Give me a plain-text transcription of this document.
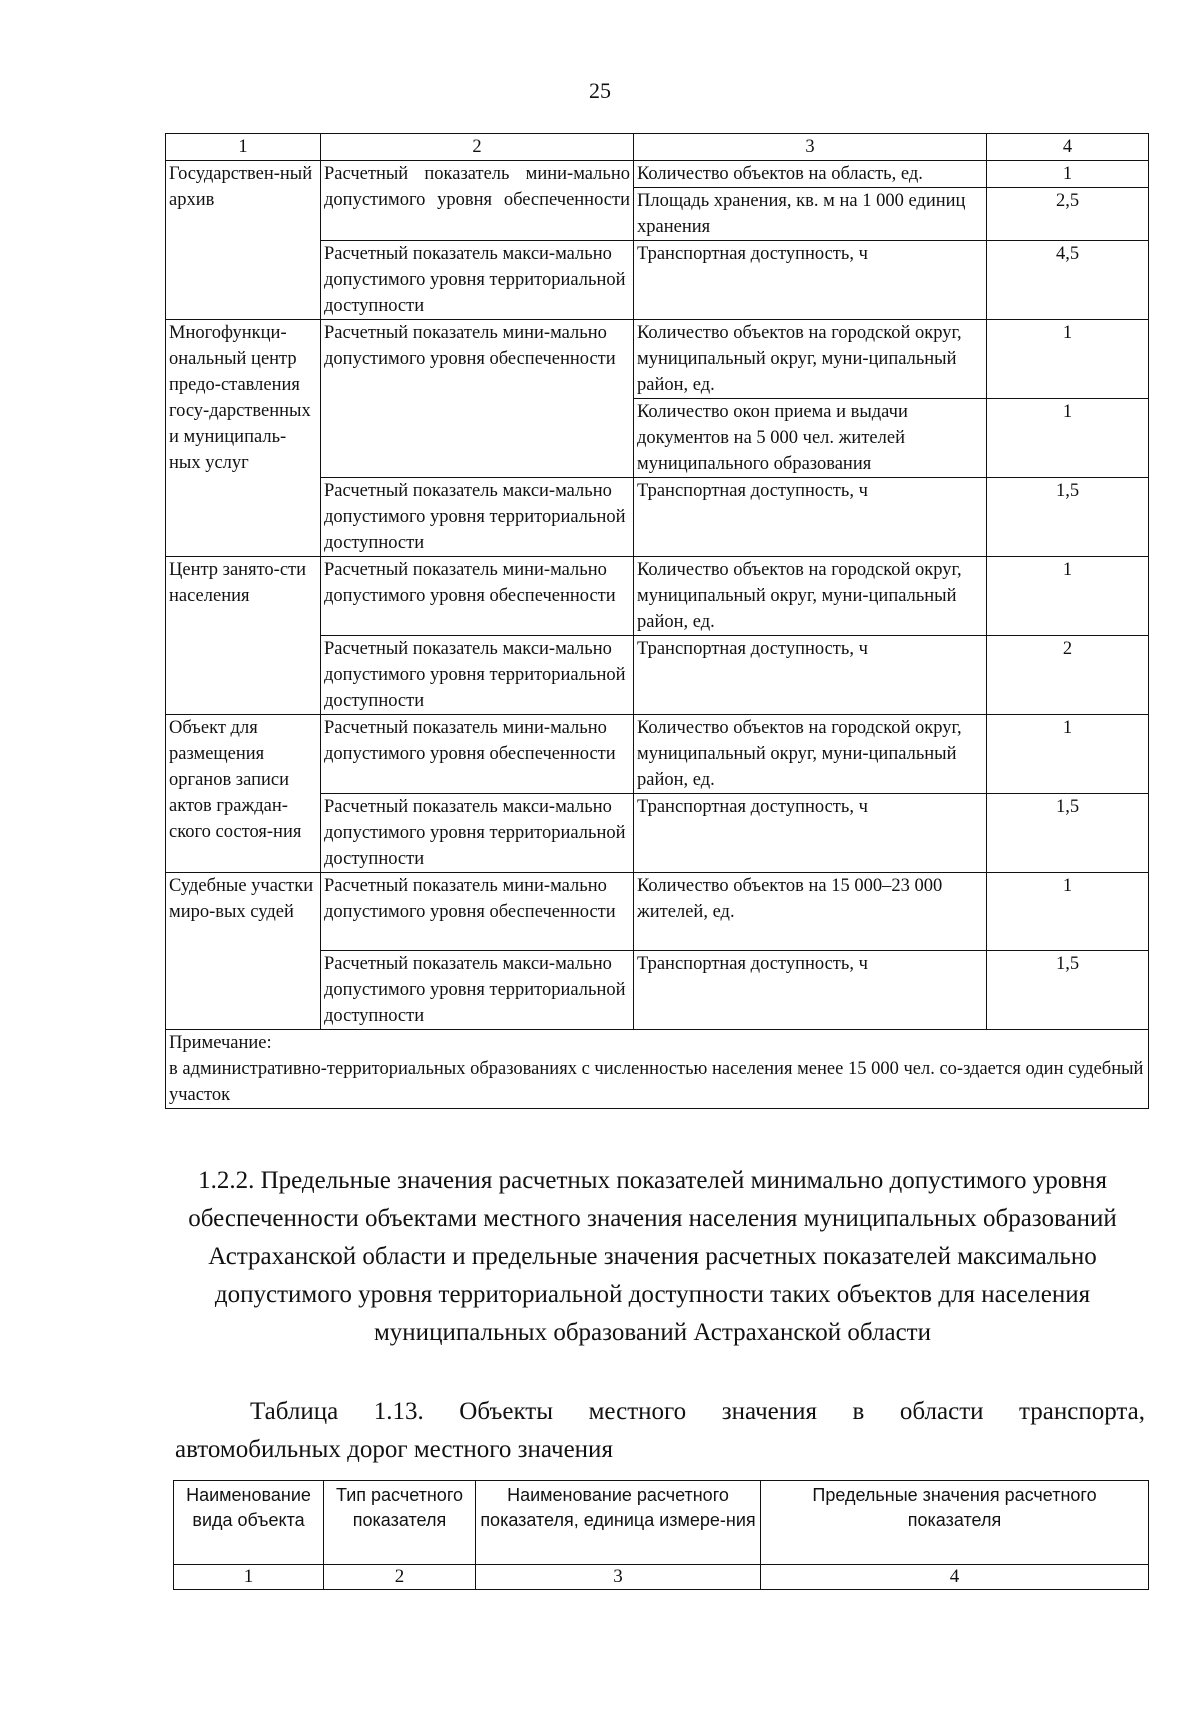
25
1	2	3	4
Государствен-ный архив	Расчетный показатель мини-мально допустимого уровня обеспеченности	Количество объектов на область, ед.	1
		Площадь хранения, кв. м на 1 000 единиц хранения	2,5
	Расчетный показатель макси-мально допустимого уровня территориальной доступности	Транспортная доступность, ч	4,5
Многофункци-ональный центр предо-ставления госу-дарственных и муниципаль-ных услуг	Расчетный показатель мини-мально допустимого уровня обеспеченности	Количество объектов на городской округ, муниципальный округ, муни-ципальный район, ед.	1
		Количество окон приема и выдачи документов на 5 000 чел. жителей муниципального образования	1
	Расчетный показатель макси-мально допустимого уровня территориальной доступности	Транспортная доступность, ч	1,5
Центр занято-сти населения	Расчетный показатель мини-мально допустимого уровня обеспеченности	Количество объектов на городской округ, муниципальный округ, муни-ципальный район, ед.	1
	Расчетный показатель макси-мально допустимого уровня территориальной доступности	Транспортная доступность, ч	2
Объект для размещения органов записи актов граждан-ского состоя-ния	Расчетный показатель мини-мально допустимого уровня обеспеченности	Количество объектов на городской округ, муниципальный округ, муни-ципальный район, ед.	1
	Расчетный показатель макси-мально допустимого уровня территориальной доступности	Транспортная доступность, ч	1,5
Судебные участки миро-вых судей	Расчетный показатель мини-мально допустимого уровня обеспеченности	Количество объектов на 15 000–23 000 жителей, ед.	1
	Расчетный показатель макси-мально допустимого уровня территориальной доступности	Транспортная доступность, ч	1,5

Примечание:
в административно-территориальных образованиях с численностью населения менее 15 000 чел. со-здается один судебный участок			
1.2.2. Предельные значения расчетных показателей минимально допустимого уровня обеспеченности объектами местного значения населения муниципальных образований Астраханской области и предельные значения расчетных показателей максимально допустимого уровня территориальной доступности таких объектов для населения муниципальных образований Астраханской области
Таблица 1.13. Объекты местного значения в области транспорта,
автомобильных дорог местного значения
Наименование вида объекта	Тип расчетного показателя	Наименование расчетного показателя, единица измере-ния	Предельные значения расчетного показателя
1	2	3	4
